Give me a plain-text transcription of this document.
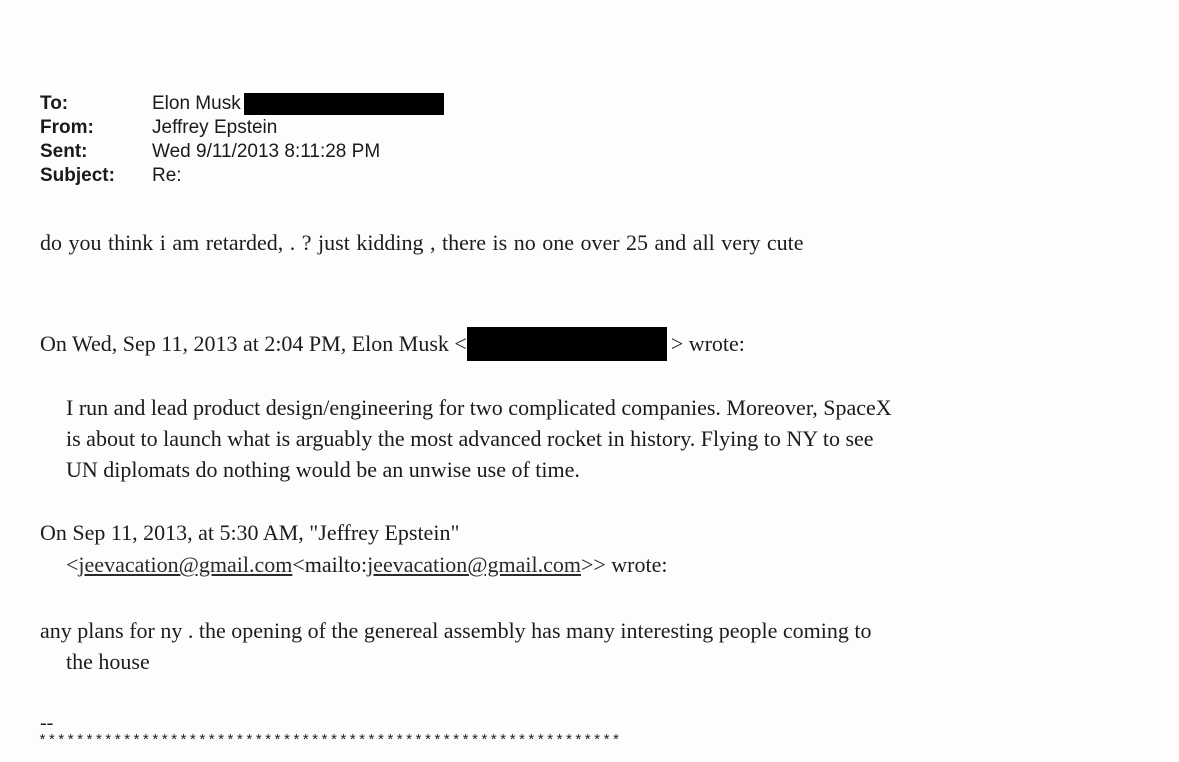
To:	Elon Musk
From:	Jeffrey Epstein
Sent:	Wed 9/11/2013 8:11:28 PM
Subject:	Re:
do you think i am retarded, . ? just kidding , there is no one over 25 and all very cute
On Wed, Sep 11, 2013 at 2:04 PM, Elon Musk <	> wrote:
I run and lead product design/engineering for two complicated companies. Moreover, SpaceX
is about to launch what is arguably the most advanced rocket in history. Flying to NY to see
UN diplomats do nothing would be an unwise use of time.
On Sep 11, 2013, at 5:30 AM, "Jeffrey Epstein"
<jeevacation@gmail.com<mailto:jeevacation@gmail.com>> wrote:
any plans for ny . the opening of the genereal assembly has many interesting people coming to
the house
--
**************************************************************
